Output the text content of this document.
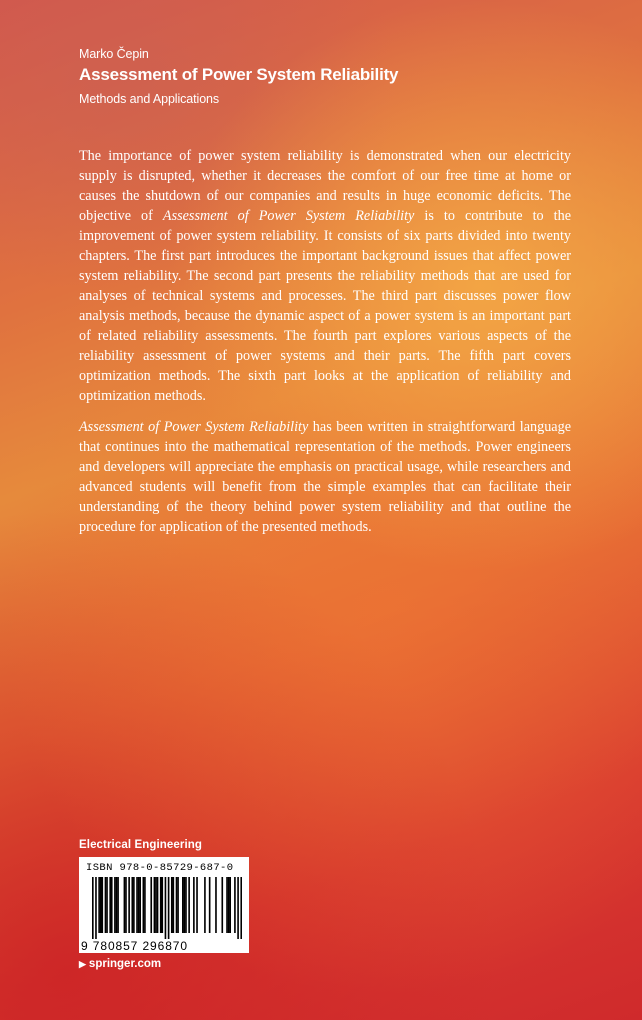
Marko Čepin
Assessment of Power System Reliability
Methods and Applications

The importance of power system reliability is demonstrated when our electricity supply is disrupted, whether it decreases the comfort of our free time at home or causes the shutdown of our companies and results in huge economic deficits. The objective of Assessment of Power System Reliability is to contribute to the improvement of power system reliability. It consists of six parts divided into twenty chapters. The first part introduces the important background issues that affect power system reliability. The second part presents the reliability methods that are used for analyses of technical systems and processes. The third part discusses power flow analysis methods, because the dynamic aspect of a power system is an important part of related reliability assessments. The fourth part explores various aspects of the reliability assessment of power systems and their parts. The fifth part covers optimization methods. The sixth part looks at the application of reliability and optimization methods.

Assessment of Power System Reliability has been written in straightforward language that continues into the mathematical representation of the methods. Power engineers and developers will appreciate the emphasis on practical usage, while researchers and advanced students will benefit from the simple examples that can facilitate their understanding of the theory behind power system reliability and that outline the procedure for application of the presented methods.

Electrical Engineering
ISBN 978-0-85729-687-0
9 780857 296870
▶ springer.com
